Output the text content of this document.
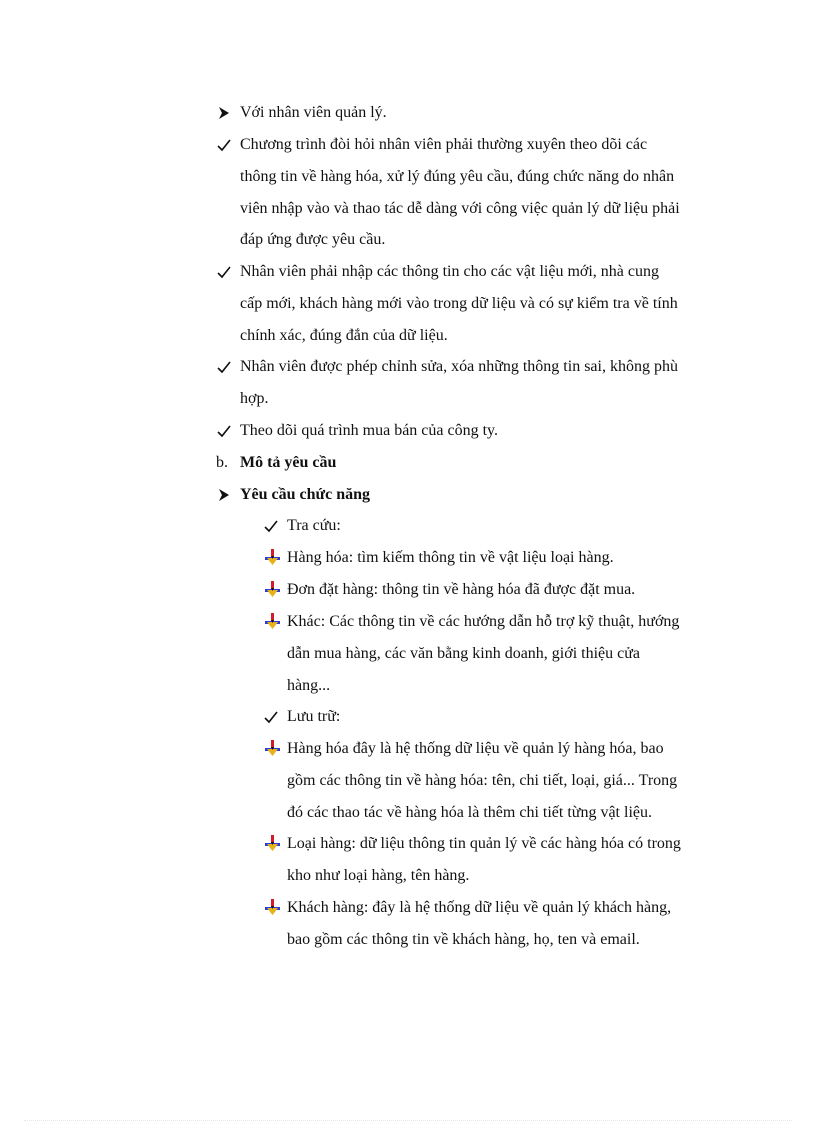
Với nhân viên quản lý.
Chương trình đòi hỏi nhân viên phải thường xuyên theo dõi các
thông tin về hàng hóa, xử lý đúng yêu cầu, đúng chức năng do nhân
viên nhập vào và thao tác dễ dàng với công việc quản lý dữ liệu phải
đáp ứng được yêu cầu.
Nhân viên phải nhập các thông tin cho các vật liệu mới, nhà cung
cấp mới, khách hàng mới vào trong dữ liệu và có sự kiểm tra về tính
chính xác, đúng đắn của dữ liệu.
Nhân viên được phép chỉnh sửa, xóa những thông tin sai, không phù
hợp.
Theo dõi quá trình mua bán của công ty.
b. Mô tả yêu cầu
Yêu cầu chức năng
Tra cứu:
Hàng hóa: tìm kiếm thông tin về vật liệu loại hàng.
Đơn đặt hàng: thông tin về hàng hóa đã được đặt mua.
Khác: Các thông tin về các hướng dẫn hỗ trợ kỹ thuật, hướng
dẫn mua hàng, các văn bằng kinh doanh, giới thiệu cửa
hàng...
Lưu trữ:
Hàng hóa đây là hệ thống dữ liệu về quản lý hàng hóa, bao
gồm các thông tin về hàng hóa: tên, chi tiết, loại, giá... Trong
đó các thao tác về hàng hóa là thêm chi tiết từng vật liệu.
Loại hàng: dữ liệu thông tin quản lý về các hàng hóa có trong
kho như loại hàng, tên hàng.
Khách hàng: đây là hệ thống dữ liệu về quản lý khách hàng,
bao gồm các thông tin về khách hàng, họ, ten và email.
